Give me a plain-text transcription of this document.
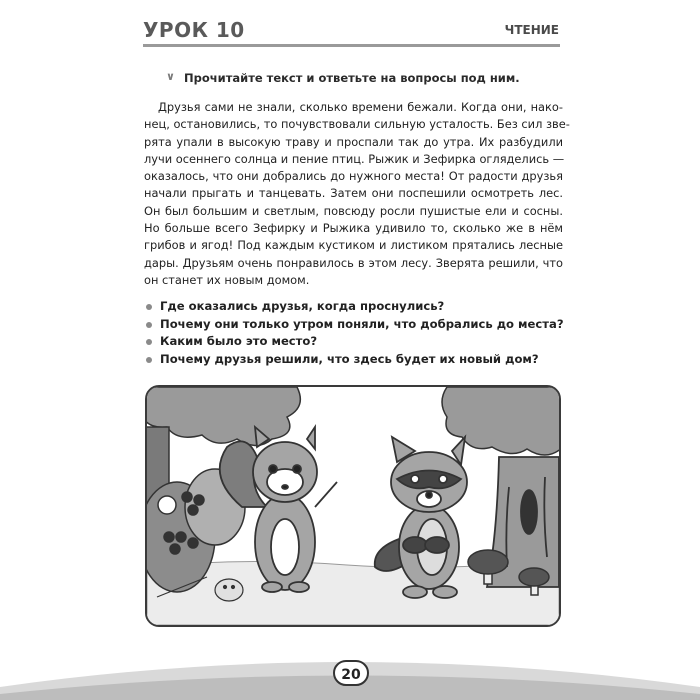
УРОК 10	ЧТЕНИЕ
∨ Прочитайте текст и ответьте на вопросы под ним.
Друзья сами не знали, сколько времени бежали. Когда они, нако-
нец, остановились, то почувствовали сильную усталость. Без сил зве-
рята упали в высокую траву и проспали так до утра. Их разбудили
лучи осеннего солнца и пение птиц. Рыжик и Зефирка огляделись —
оказалось, что они добрались до нужного места! От радости друзья
начали прыгать и танцевать. Затем они поспешили осмотреть лес.
Он был большим и светлым, повсюду росли пушистые ели и сосны.
Но больше всего Зефирку и Рыжика удивило то, сколько же в нём
грибов и ягод! Под каждым кустиком и листиком прятались лесные
дары. Друзьям очень понравилось в этом лесу. Зверята решили, что
он станет их новым домом.
Где оказались друзья, когда проснулись?
Почему они только утром поняли, что добрались до места?
Каким было это место?
Почему друзья решили, что здесь будет их новый дом?
20
